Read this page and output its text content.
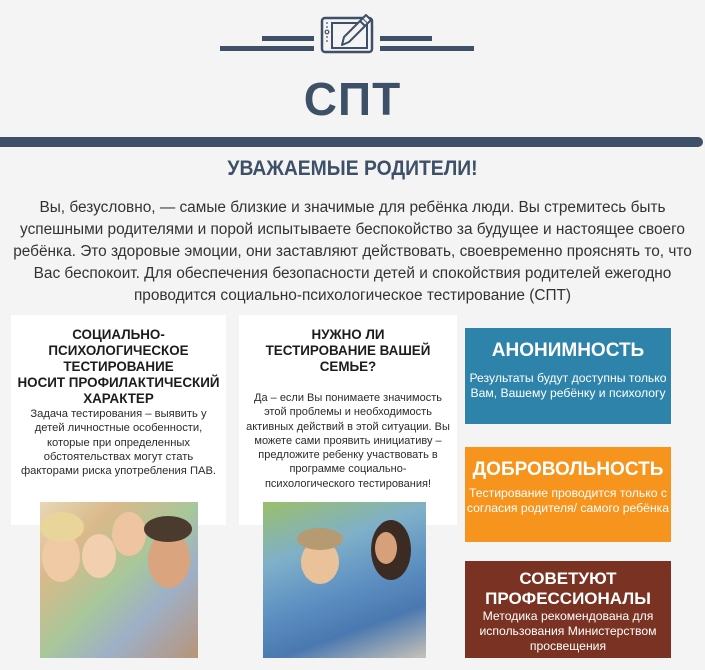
СПТ
УВАЖАЕМЫЕ РОДИТЕЛИ!
Вы, безусловно, — самые близкие и значимые для ребёнка люди. Вы стремитесь быть успешными родителями и порой испытываете беспокойство за будущее и настоящее своего ребёнка. Это здоровые эмоции, они заставляют действовать, своевременно прояснять то, что Вас беспокоит. Для обеспечения безопасности детей и спокойствия родителей ежегодно проводится социально-психологическое тестирование (СПТ)
СОЦИАЛЬНО-
ПСИХОЛОГИЧЕСКОЕ
ТЕСТИРОВАНИЕ
НОСИТ ПРОФИЛАКТИЧЕСКИЙ
ХАРАКТЕР

Задача тестирования – выявить у детей личностные особенности, которые при определенных обстоятельствах могут стать факторами риска употребления ПАВ.

НУЖНО ЛИ
ТЕСТИРОВАНИЕ ВАШЕЙ
СЕМЬЕ?

Да – если Вы понимаете значимость этой проблемы и необходимость активных действий в этой ситуации. Вы можете сами проявить инициативу – предложите ребенку участвовать в программе социально-психологического тестирования!

АНОНИМНОСТЬ

Результаты будут доступны только Вам, Вашему ребёнку и психологу

ДОБРОВОЛЬНОСТЬ

Тестирование проводится только с согласия родителя/ самого ребёнка

СОВЕТУЮТ
ПРОФЕССИОНАЛЫ

Методика рекомендована для использования Министерством просвещения
